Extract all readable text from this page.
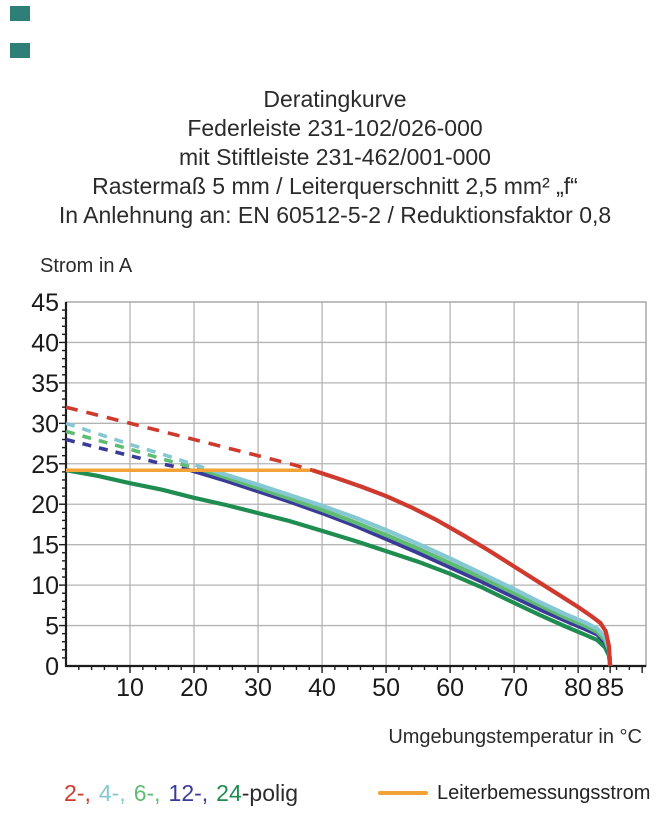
Deratingkurve
Federleiste 231-102/026-000
mit Stiftleiste 231-462/001-000
Rastermaß 5 mm / Leiterquerschnitt 2,5 mm² „f“
In Anlehnung an: EN 60512-5-2 / Reduktionsfaktor 0,8
Strom in A
0
5
10
15
20
25
30
35
40
45
10 20 30 40 50 60 70 80 85
Umgebungstemperatur in °C
2-, 4-, 6-, 12-, 24-polig	Leiterbemessungsstrom
